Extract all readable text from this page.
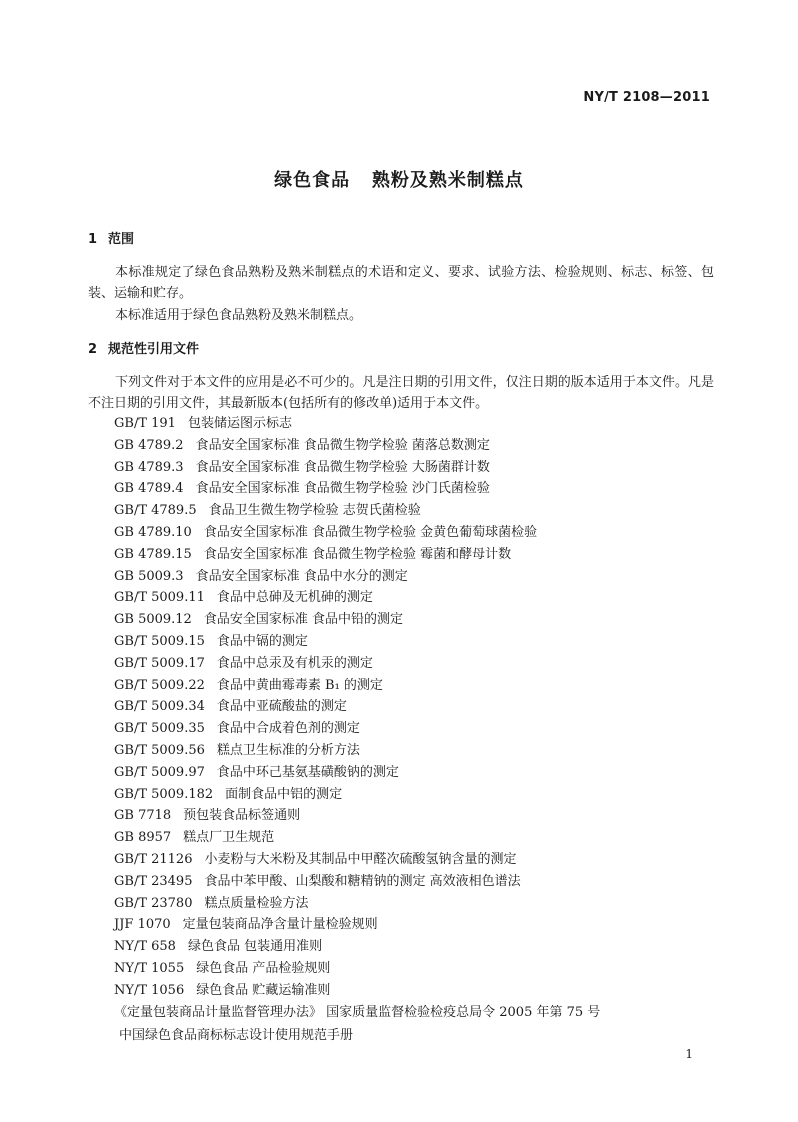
NY/T 2108—2011
绿色食品   熟粉及熟米制糕点
1 范围
本标准规定了绿色食品熟粉及熟米制糕点的术语和定义、要求、试验方法、检验规则、标志、标签、包装、运输和贮存。
本标准适用于绿色食品熟粉及熟米制糕点。
2 规范性引用文件
下列文件对于本文件的应用是必不可少的。凡是注日期的引用文件，仅注日期的版本适用于本文件。凡是不注日期的引用文件，其最新版本(包括所有的修改单)适用于本文件。
GB/T 191 包装储运图示标志
GB 4789.2 食品安全国家标准 食品微生物学检验 菌落总数测定
GB 4789.3 食品安全国家标准 食品微生物学检验 大肠菌群计数
GB 4789.4 食品安全国家标准 食品微生物学检验 沙门氏菌检验
GB/T 4789.5 食品卫生微生物学检验 志贺氏菌检验
GB 4789.10 食品安全国家标准 食品微生物学检验 金黄色葡萄球菌检验
GB 4789.15 食品安全国家标准 食品微生物学检验 霉菌和酵母计数
GB 5009.3 食品安全国家标准 食品中水分的测定
GB/T 5009.11 食品中总砷及无机砷的测定
GB 5009.12 食品安全国家标准 食品中铅的测定
GB/T 5009.15 食品中镉的测定
GB/T 5009.17 食品中总汞及有机汞的测定
GB/T 5009.22 食品中黄曲霉毒素 B₁ 的测定
GB/T 5009.34 食品中亚硫酸盐的测定
GB/T 5009.35 食品中合成着色剂的测定
GB/T 5009.56 糕点卫生标准的分析方法
GB/T 5009.97 食品中环己基氨基磺酸钠的测定
GB/T 5009.182 面制食品中铝的测定
GB 7718 预包装食品标签通则
GB 8957 糕点厂卫生规范
GB/T 21126 小麦粉与大米粉及其制品中甲醛次硫酸氢钠含量的测定
GB/T 23495 食品中苯甲酸、山梨酸和糖精钠的测定 高效液相色谱法
GB/T 23780 糕点质量检验方法
JJF 1070 定量包装商品净含量计量检验规则
NY/T 658 绿色食品 包装通用准则
NY/T 1055 绿色食品 产品检验规则
NY/T 1056 绿色食品 贮藏运输准则
《定量包装商品计量监督管理办法》 国家质量监督检验检疫总局令 2005 年第 75 号
中国绿色食品商标标志设计使用规范手册
1
